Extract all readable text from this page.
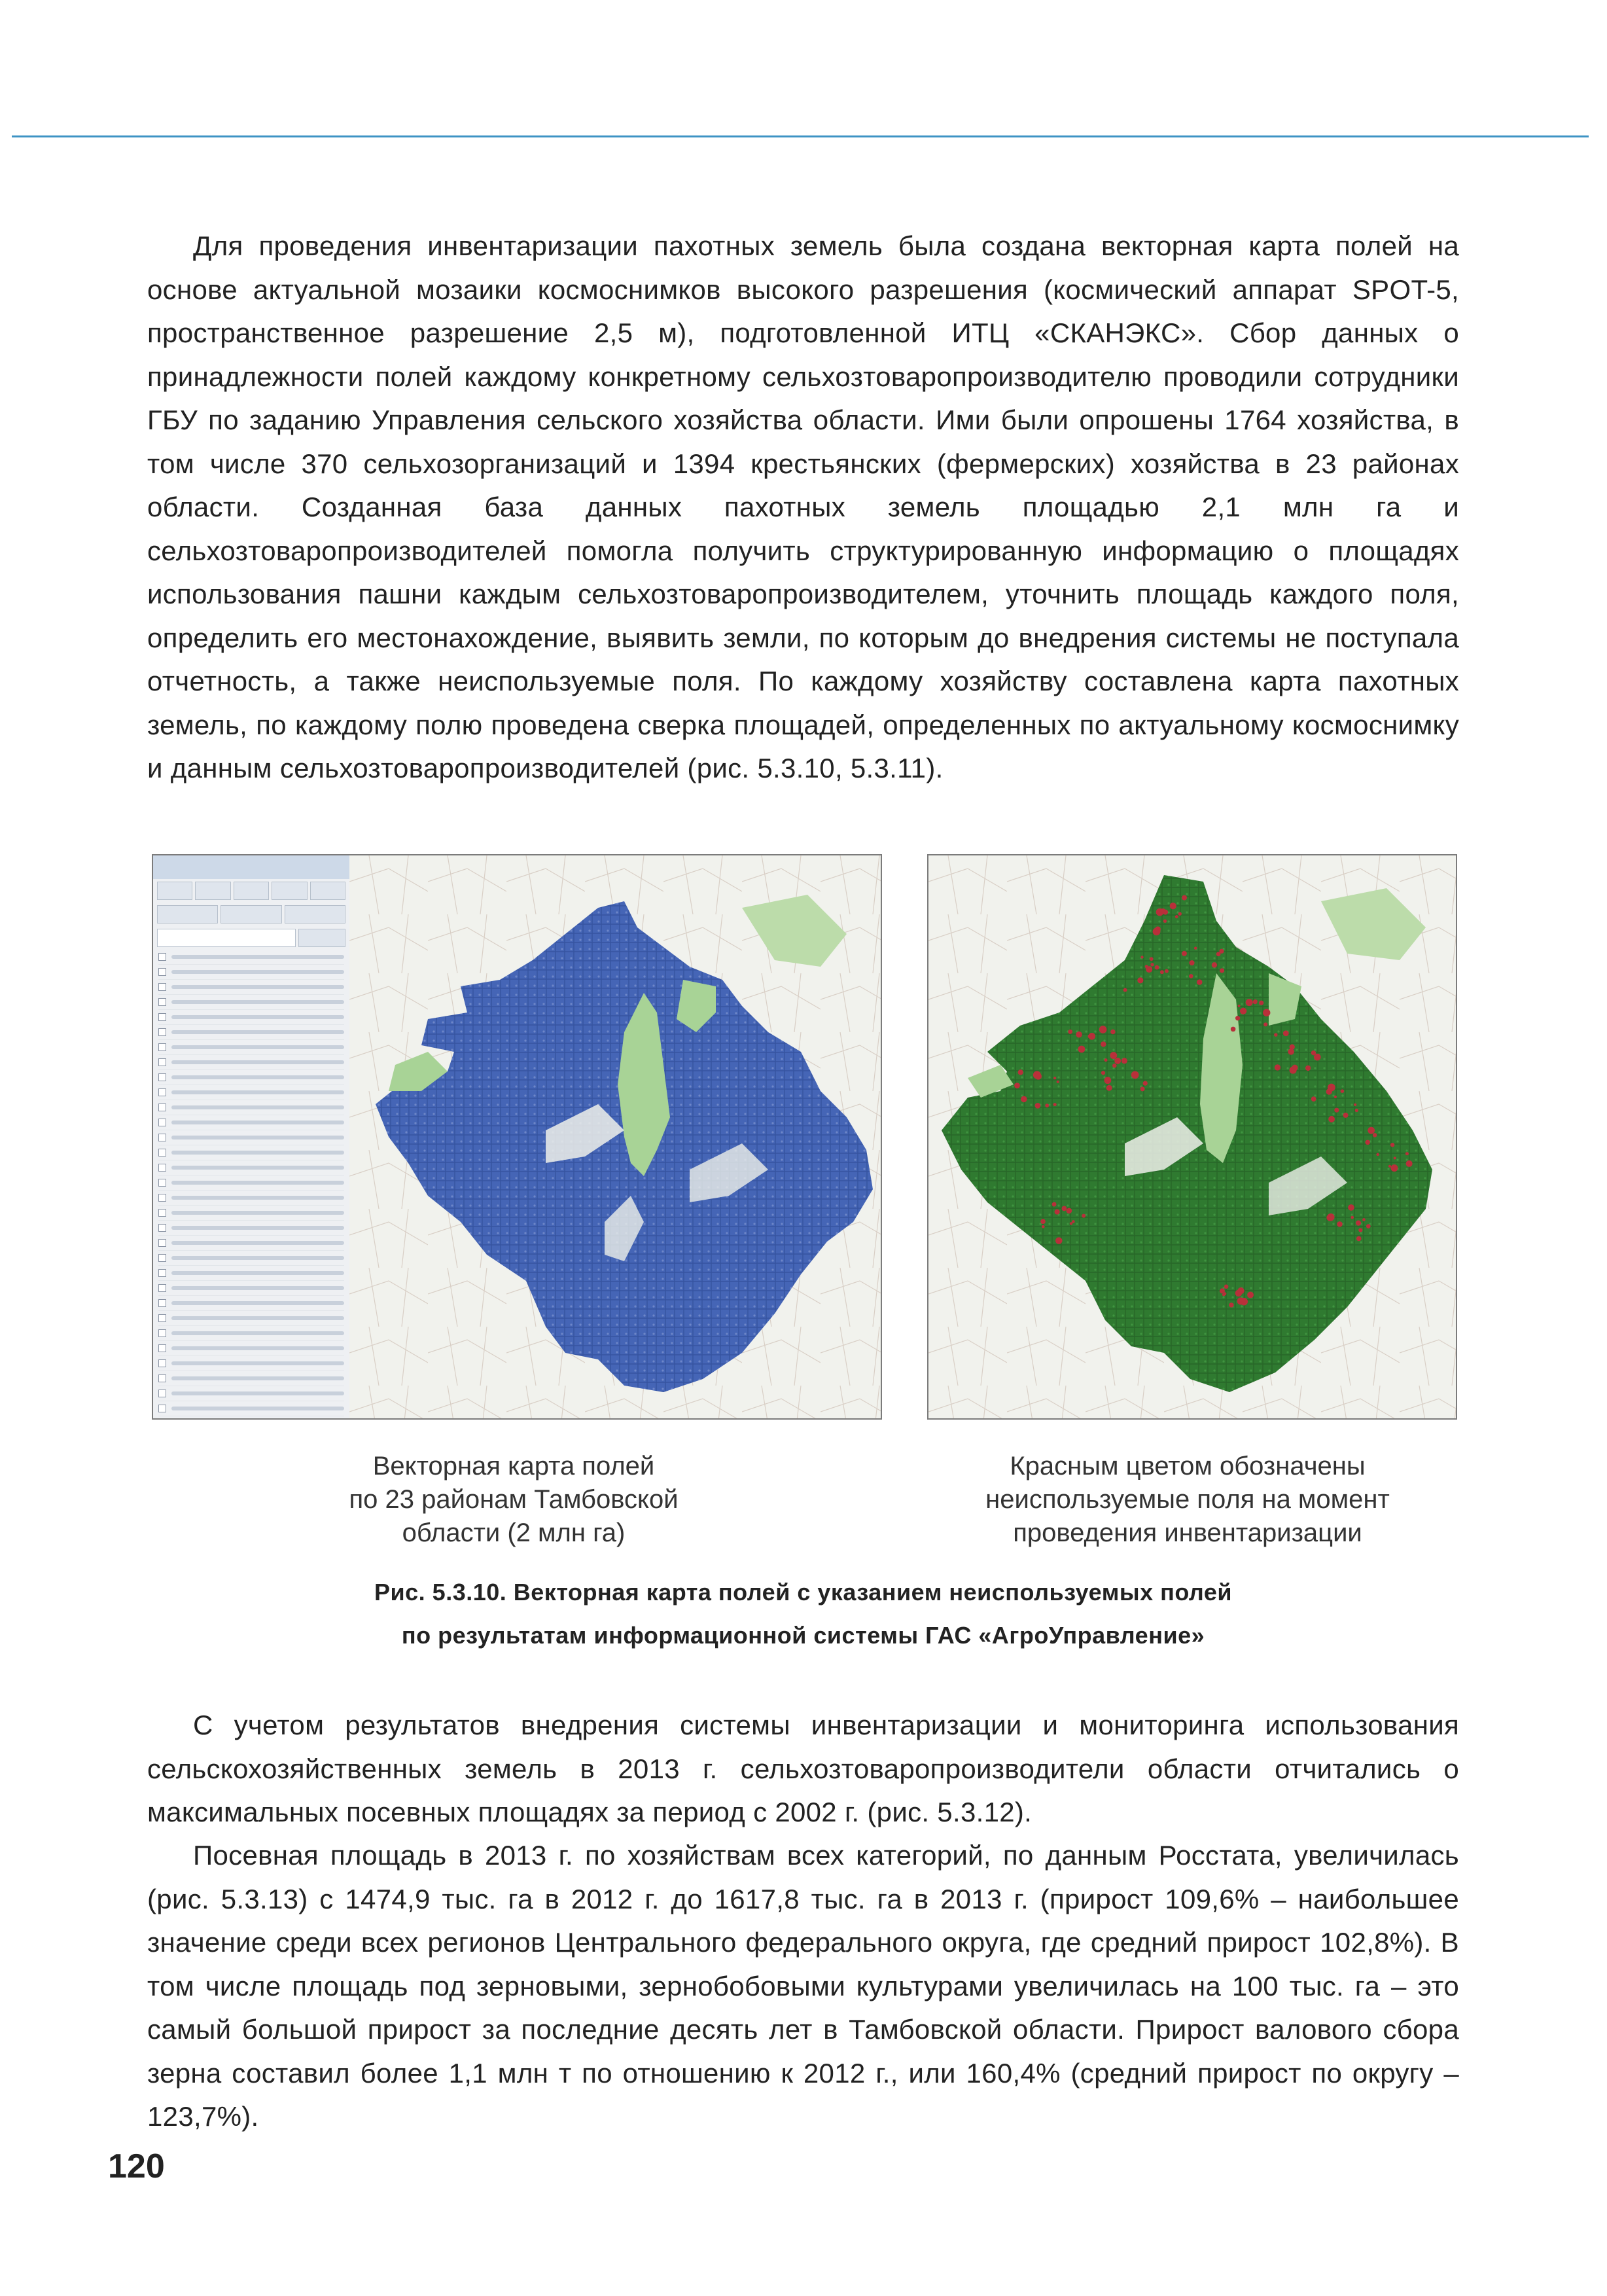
Для проведения инвентаризации пахотных земель была создана векторная карта полей на основе актуальной мозаики космоснимков высокого разрешения (космический аппарат SPOT-5, пространственное разрешение 2,5 м), подготовленной ИТЦ «СКАНЭКС». Сбор данных о принадлежности полей каждому конкретному сельхозтоваропроизводителю проводили сотрудники ГБУ по заданию Управления сельского хозяйства области. Ими были опрошены 1764 хозяйства, в том числе 370 сельхозорганизаций и 1394 крестьянских (фермерских) хозяйства в 23 районах области. Созданная база данных пахотных земель площадью 2,1 млн га и сельхозтоваропроизводителей помогла получить структурированную информацию о площадях использования пашни каждым сельхозтоваропроизводителем, уточнить площадь каждого поля, определить его местонахождение, выявить земли, по которым до внедрения системы не поступала отчетность, а также неиспользуемые поля. По каждому хозяйству составлена карта пахотных земель, по каждому полю проведена сверка площадей, определенных по актуальному космоснимку и данным сельхозтоваропроизводителей (рис. 5.3.10, 5.3.11).

Векторная карта полей
по 23 районам Тамбовской
области (2 млн га)
Красным цветом обозначены
неиспользуемые поля на момент
проведения инвентаризации
Рис. 5.3.10. Векторная карта полей с указанием неиспользуемых полей
по результатам информационной системы ГАС «АгроУправление»

С учетом результатов внедрения системы инвентаризации и мониторинга использования сельскохозяйственных земель в 2013 г. сельхозтоваропроизводители области отчитались о максимальных посевных площадях за период с 2002 г. (рис. 5.3.12).

Посевная площадь в 2013 г. по хозяйствам всех категорий, по данным Росстата, увеличилась (рис. 5.3.13) с 1474,9 тыс. га в 2012 г. до 1617,8 тыс. га в 2013 г. (прирост 109,6% – наибольшее значение среди всех регионов Центрального федерального округа, где средний прирост 102,8%). В том числе площадь под зерновыми, зернобобовыми культурами увеличилась на 100 тыс. га – это самый большой прирост за последние десять лет в Тамбовской области. Прирост валового сбора зерна составил более 1,1 млн т по отношению к 2012 г., или 160,4% (средний прирост по округу – 123,7%).

120
